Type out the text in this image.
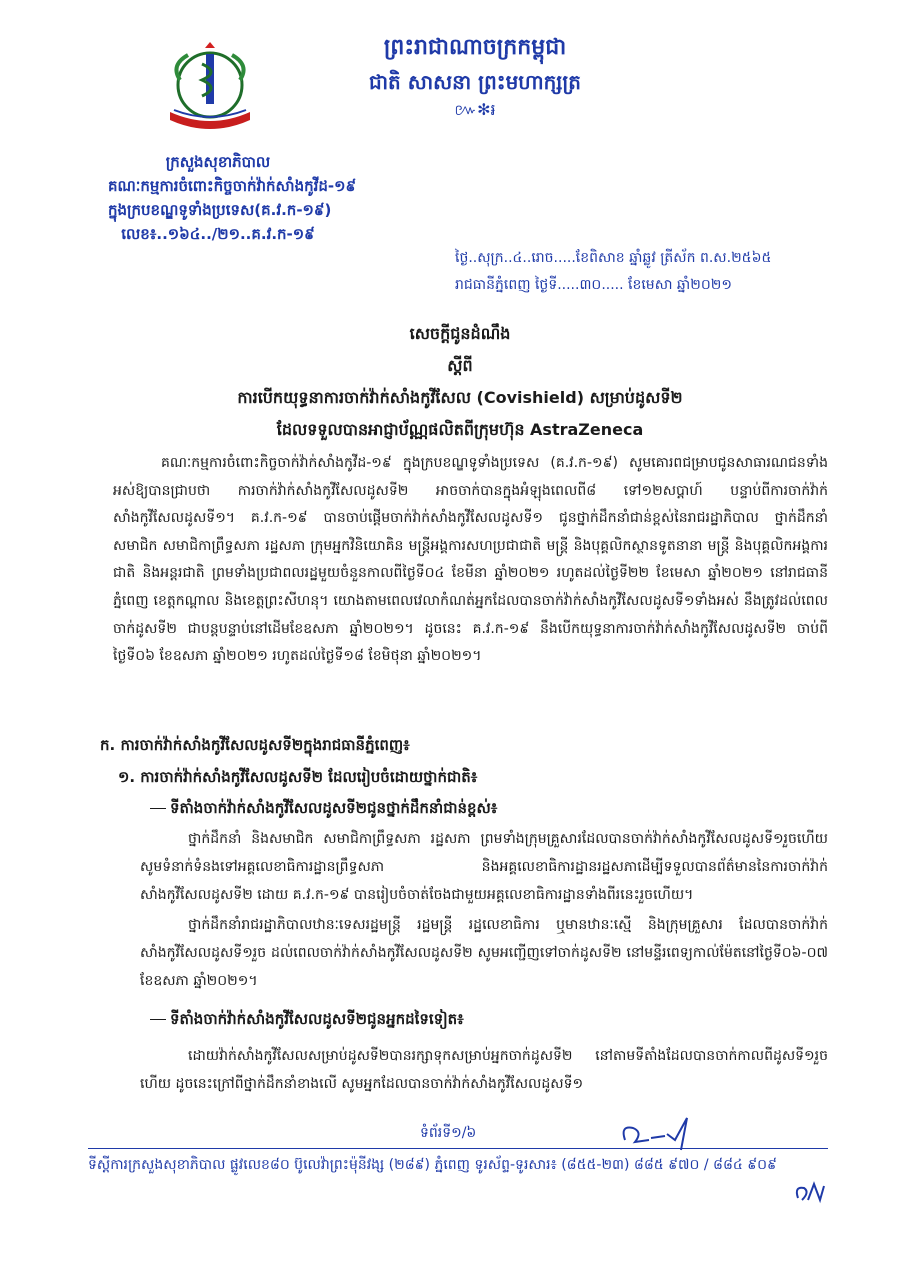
ក្រសួងសុខាភិបាល
គណៈកម្មការចំពោះកិច្ចចាក់វ៉ាក់សាំងកូវីដ-១៩
ក្នុងក្របខណ្ឌទូទាំងប្រទេស(គ.វ.ក-១៩)
លេខ៖..១៦៤../២១..គ.វ.ក-១៩
ព្រះរាជាណាចក្រកម្ពុជា
ជាតិ សាសនា ព្រះមហាក្សត្រ
៚✻៛
ថ្ងៃ..សុក្រ..៤..រោច.....ខែពិសាខ ឆ្នាំឆ្លូវ ត្រីស័ក ព.ស.២៥៦៥
រាជធានីភ្នំពេញ ថ្ងៃទី.....៣០..... ខែមេសា ឆ្នាំ២០២១
សេចក្តីជូនដំណឹង
ស្តីពី
ការបើកយុទ្ធនាការចាក់វ៉ាក់សាំងកូវីសែល (Covishield) សម្រាប់ដូសទី២
ដែលទទួលបានអាជ្ញាប័ណ្ណផលិតពីក្រុមហ៊ុន AstraZeneca

គណៈកម្មការចំពោះកិច្ចចាក់វ៉ាក់សាំងកូវីដ-១៩ ក្នុងក្របខណ្ឌទូទាំងប្រទេស (គ.វ.ក-១៩) សូមគោរពជម្រាបជូនសាធារណជនទាំងអស់ឱ្យបានជ្រាបថា ការចាក់វ៉ាក់សាំងកូវីសែលដូសទី២ អាចចាក់បានក្នុងអំឡុងពេលពី៨ ទៅ១២សប្តាហ៍ បន្ទាប់ពីការចាក់វ៉ាក់សាំងកូវីសែលដូសទី១។ គ.វ.ក-១៩ បានចាប់ផ្តើមចាក់វ៉ាក់សាំងកូវីសែលដូសទី១ ជូនថ្នាក់ដឹកនាំជាន់ខ្ពស់នៃរាជរដ្ឋាភិបាល ថ្នាក់ដឹកនាំ សមាជិក សមាជិកាព្រឹទ្ធសភា រដ្ឋសភា ក្រុមអ្នកវិនិយោគិន មន្ត្រីអង្គការសហប្រជាជាតិ មន្ត្រី និងបុគ្គលិកស្ថានទូតនានា មន្ត្រី និងបុគ្គលិកអង្គការជាតិ និងអន្តរជាតិ ព្រមទាំងប្រជាពលរដ្ឋមួយចំនួនកាលពីថ្ងៃទី០៤ ខែមីនា ឆ្នាំ២០២១ រហូតដល់ថ្ងៃទី២២ ខែមេសា ឆ្នាំ២០២១ នៅរាជធានីភ្នំពេញ ខេត្តកណ្តាល និងខេត្តព្រះសីហនុ។ យោងតាមពេលវេលាកំណត់អ្នកដែលបានចាក់វ៉ាក់សាំងកូវីសែលដូសទី១ទាំងអស់ នឹងត្រូវដល់ពេលចាក់ដូសទី២ ជាបន្តបន្ទាប់នៅដើមខែឧសភា ឆ្នាំ២០២១។ ដូចនេះ គ.វ.ក-១៩ នឹងបើកយុទ្ធនាការចាក់វ៉ាក់សាំងកូវីសែលដូសទី២ ចាប់ពីថ្ងៃទី០៦ ខែឧសភា ឆ្នាំ២០២១ រហូតដល់ថ្ងៃទី១៨ ខែមិថុនា ឆ្នាំ២០២១។

ក. ការចាក់វ៉ាក់សាំងកូវីសែលដូសទី២ក្នុងរាជធានីភ្នំពេញ៖
១. ការចាក់វ៉ាក់សាំងកូវីសែលដូសទី២ ដែលរៀបចំដោយថ្នាក់ជាតិ៖
ទីតាំងចាក់វ៉ាក់សាំងកូវីសែលដូសទី២ជូនថ្នាក់ដឹកនាំជាន់ខ្ពស់៖

ថ្នាក់ដឹកនាំ និងសមាជិក សមាជិកាព្រឹទ្ធសភា រដ្ឋសភា ព្រមទាំងក្រុមគ្រួសារដែលបានចាក់វ៉ាក់សាំងកូវីសែលដូសទី១រួចហើយ សូមទំនាក់ទំនងទៅអគ្គលេខាធិការដ្ឋានព្រឹទ្ធសភា និងអគ្គលេខាធិការដ្ឋានរដ្ឋសភាដើម្បីទទួលបានព័ត៌មាននៃការចាក់វ៉ាក់សាំងកូវីសែលដូសទី២ ដោយ គ.វ.ក-១៩ បានរៀបចំចាត់ចែងជាមួយអគ្គលេខាធិការដ្ឋានទាំងពីរនេះរួចហើយ។

ថ្នាក់ដឹកនាំរាជរដ្ឋាភិបាលឋានៈទេសរដ្ឋមន្ត្រី រដ្ឋមន្ត្រី រដ្ឋលេខាធិការ ឬមានឋានៈស្មើ និងក្រុមគ្រួសារ ដែលបានចាក់វ៉ាក់សាំងកូវីសែលដូសទី១រួច ដល់ពេលចាក់វ៉ាក់សាំងកូវីសែលដូសទី២ សូមអញ្ជើញទៅចាក់ដូសទី២ នៅមន្ទីរពេទ្យកាល់ម៉ែតនៅថ្ងៃទី០៦-០៧ ខែឧសភា ឆ្នាំ២០២១។

ទីតាំងចាក់វ៉ាក់សាំងកូវីសែលដូសទី២ជូនអ្នកដទៃទៀត៖

ដោយវ៉ាក់សាំងកូវីសែលសម្រាប់ដូសទី២បានរក្សាទុកសម្រាប់អ្នកចាក់ដូសទី២ នៅតាមទីតាំងដែលបានចាក់កាលពីដូសទី១រួចហើយ ដូចនេះក្រៅពីថ្នាក់ដឹកនាំខាងលើ សូមអ្នកដែលបានចាក់វ៉ាក់សាំងកូវីសែលដូសទី១

ទំព័រទី១/៦
ទីស្តីការក្រសួងសុខាភិបាល ផ្លូវលេខ៨០ ប៊ូលេវ៉ាព្រះម៉ុនីវង្ស (២៨៩) ភ្នំពេញ ទូរស័ព្ទ-ទូរសារ៖ (៨៥៥-២៣) ៨៨៥ ៩៧០ / ៨៨៤ ៩០៩
